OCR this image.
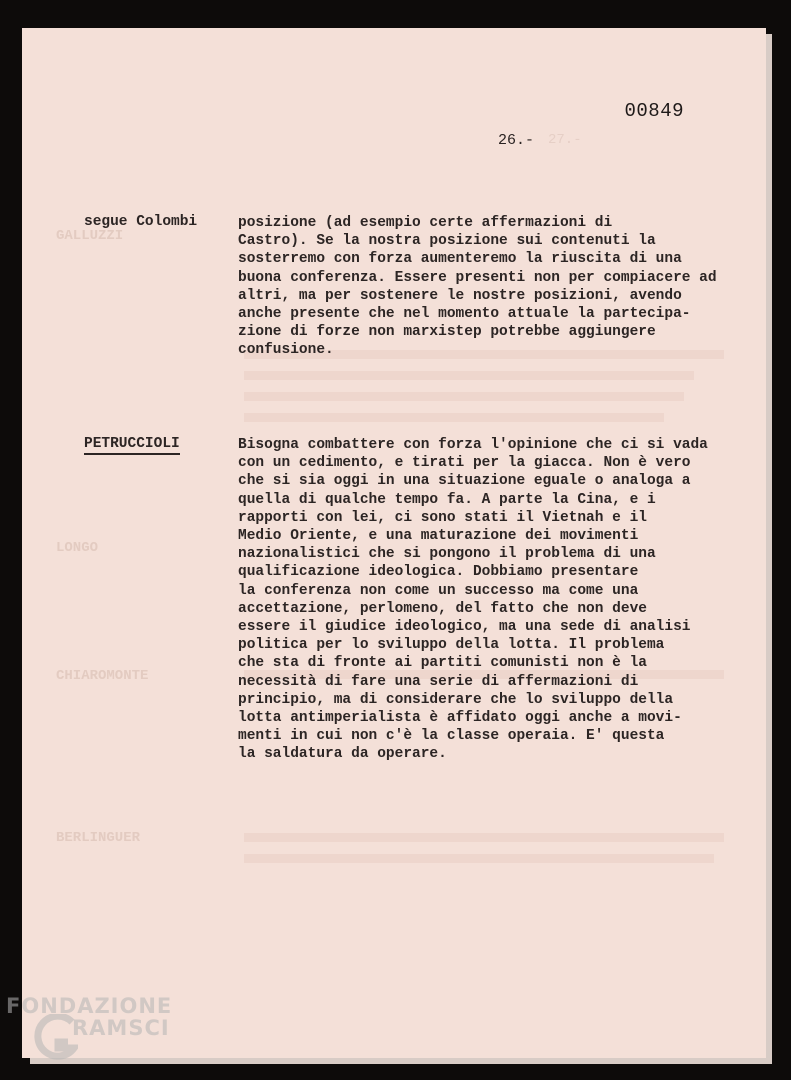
27.-
GALLUZZI
LONGO
CHIAROMONTE
BERLINGUER
00849
26.-
segue Colombi	posizione (ad esempio certe affermazioni di
Castro). Se la nostra posizione sui contenuti la
sosterremo con forza aumenteremo la riuscita di una
buona conferenza. Essere presenti non per compiacere ad
altri, ma per sostenere le nostre posizioni, avendo
anche presente che nel momento attuale la partecipa-
zione di forze non marxistep potrebbe aggiungere
confusione.
PETRUCCIOLI	Bisogna combattere con forza l'opinione che ci si vada
con un cedimento, e tirati per la giacca. Non è vero
che si sia oggi in una situazione eguale o analoga a
quella di qualche tempo fa. A parte la Cina, e i
rapporti con lei, ci sono stati il Vietnah e il
Medio Oriente, e una maturazione dei movimenti
nazionalistici che si pongono il problema di una
qualificazione ideologica. Dobbiamo presentare
la conferenza non come un successo ma come una
accettazione, perlomeno, del fatto che non deve
essere il giudice ideologico, ma una sede di analisi
politica per lo sviluppo della lotta. Il problema
che sta di fronte ai partiti comunisti non è la
necessità di fare una serie di affermazioni di
principio, ma di considerare che lo sviluppo della
lotta antimperialista è affidato oggi anche a movi-
menti in cui non c'è la classe operaia. E' questa
la saldatura da operare.
FONDAZIONE
RAMSCI
